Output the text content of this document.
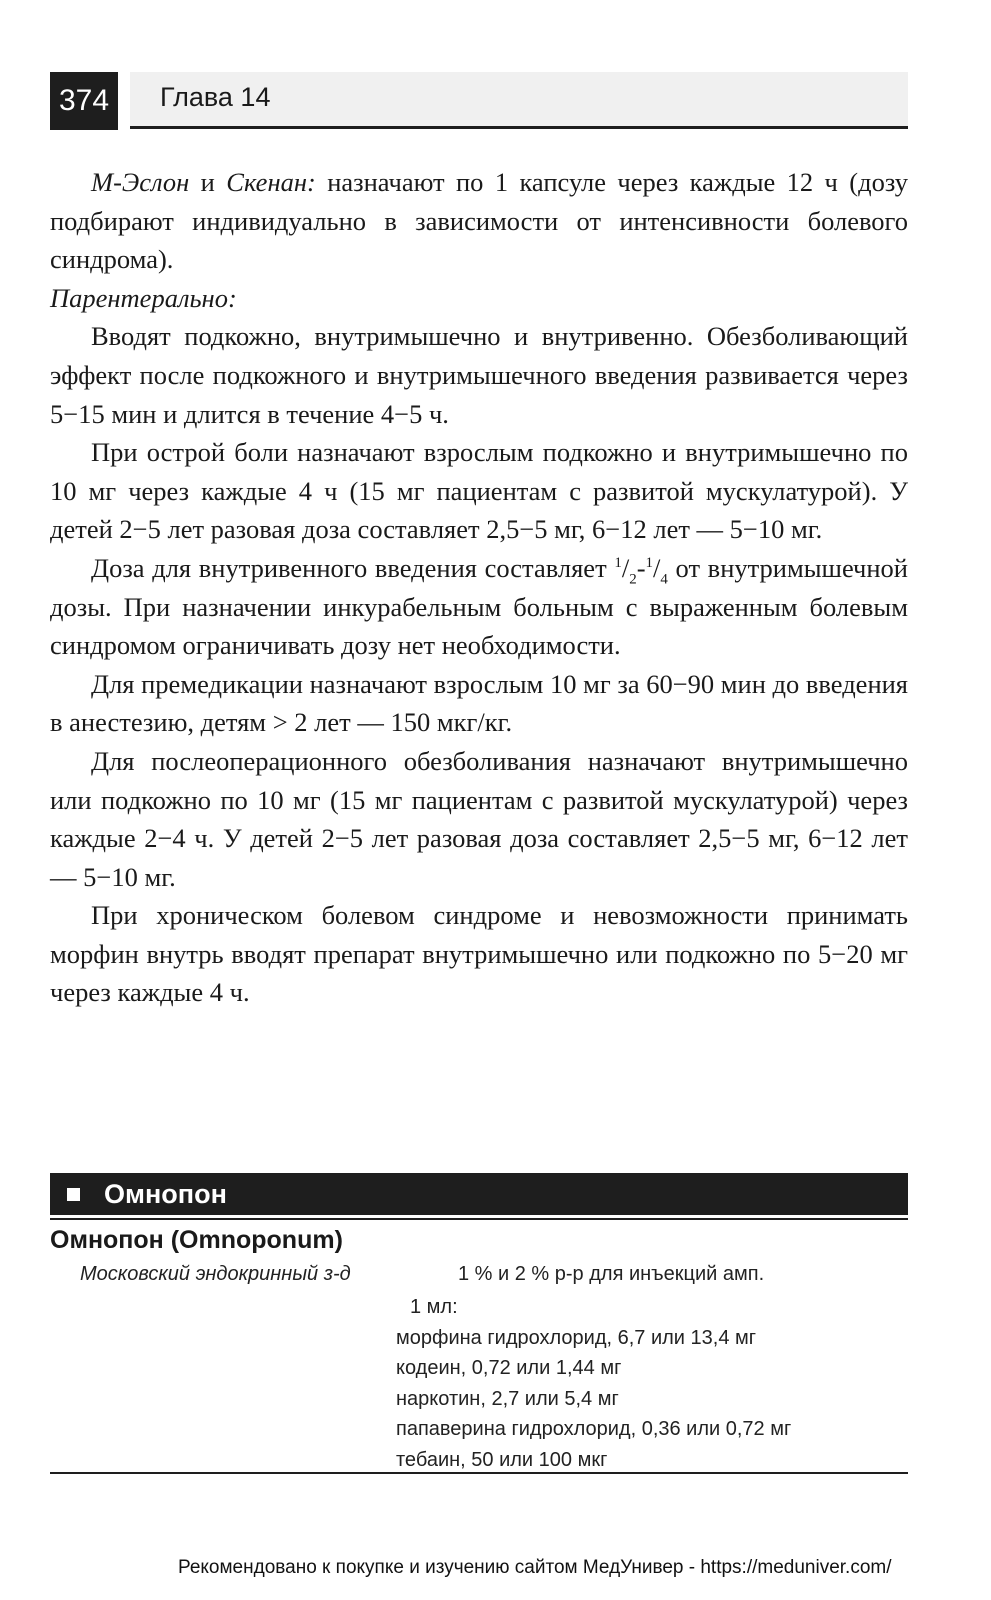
374	Глава 14

М-Эслон и Скенан: назначают по 1 капсуле через каждые 12 ч (дозу подбирают индивидуально в зависимости от интенсивности болевого синдрома).

Парентерально:

Вводят подкожно, внутримышечно и внутривенно. Обезболивающий эффект после подкожного и внутримышечного введения развивается через 5−15 мин и длится в течение 4−5 ч.

При острой боли назначают взрослым подкожно и внутримышечно по 10 мг через каждые 4 ч (15 мг пациентам с развитой мускулатурой). У детей 2−5 лет разовая доза составляет 2,5−5 мг, 6−12 лет — 5−10 мг.

Доза для внутривенного введения составляет $^1/_2-^1/_4$ от внутримышечной дозы. При назначении инкурабельным больным с выраженным болевым синдромом ограничивать дозу нет необходимости.

Для премедикации назначают взрослым 10 мг за 60−90 мин до введения в анестезию, детям > 2 лет — 150 мкг/кг.

Для послеоперационного обезболивания назначают внутримышечно или подкожно по 10 мг (15 мг пациентам с развитой мускулатурой) через каждые 2−4 ч. У детей 2−5 лет разовая доза составляет 2,5−5 мг, 6−12 лет — 5−10 мг.

При хроническом болевом синдроме и невозможности принимать морфин внутрь вводят препарат внутримышечно или подкожно по 5−20 мг через каждые 4 ч.

Омнопон
Омнопон (Omnoponum)
Московский эндокринный з-д	1 % и 2 % р-р для инъекций амп.
1 мл:
морфина гидрохлорид, 6,7 или 13,4 мг
кодеин, 0,72 или 1,44 мг
наркотин, 2,7 или 5,4 мг
папаверина гидрохлорид, 0,36 или 0,72 мг
тебаин, 50 или 100 мкг
Рекомендовано к покупке и изучению сайтом МедУнивер - https://meduniver.com/
